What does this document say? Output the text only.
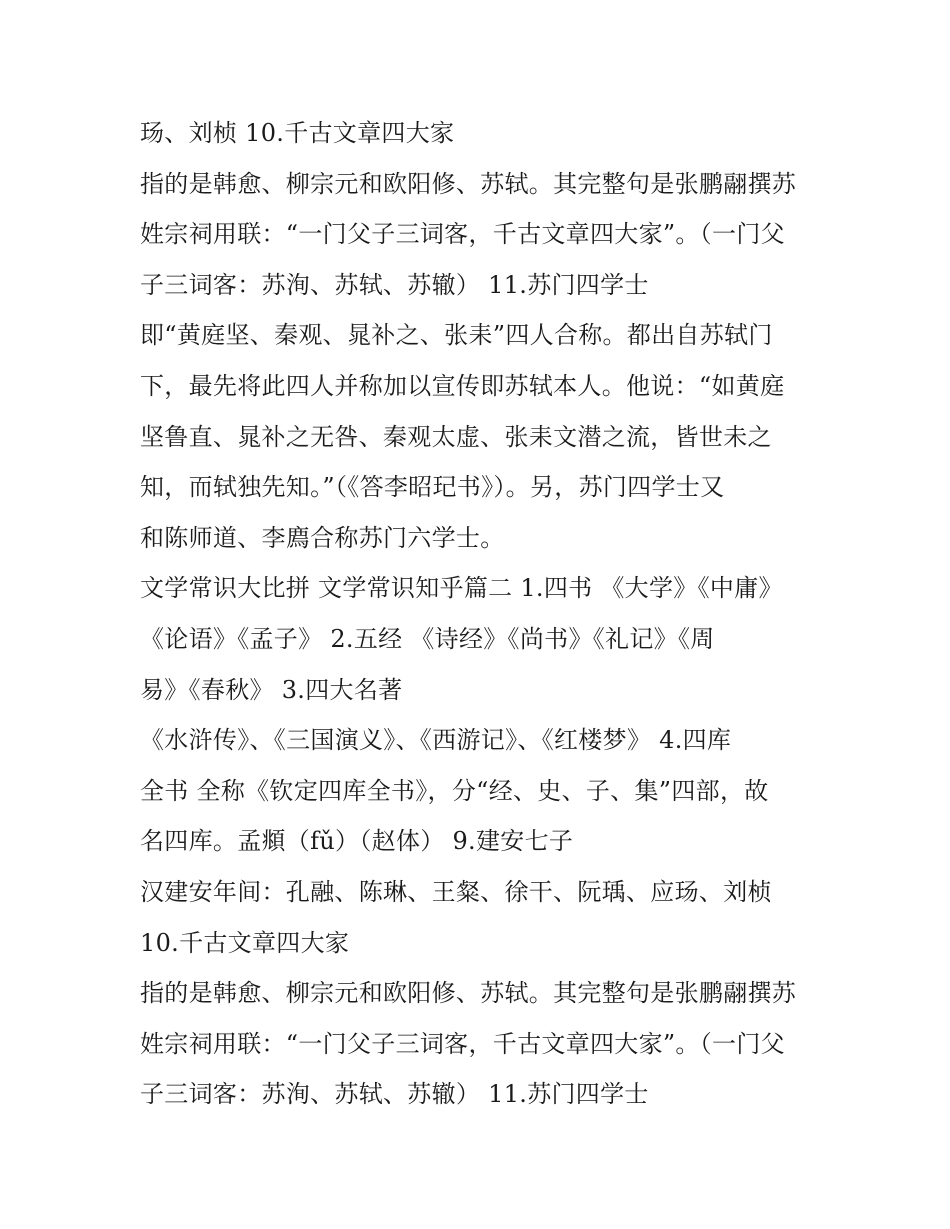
玚、刘桢 10.千古文章四大家
指的是韩愈、柳宗元和欧阳修、苏轼。其完整句是张鹏翮撰苏
姓宗祠用联：“一门父子三词客，千古文章四大家”。（一门父
子三词客：苏洵、苏轼、苏辙） 11.苏门四学士
即“黄庭坚、秦观、晁补之、张耒”四人合称。都出自苏轼门
下，最先将此四人并称加以宣传即苏轼本人。他说：“如黄庭
坚鲁直、晁补之无咎、秦观太虚、张耒文潜之流，皆世未之
知，而轼独先知。”（《答李昭玘书》）。另，苏门四学士又
和陈师道、李廌合称苏门六学士。
文学常识大比拼 文学常识知乎篇二 1.四书 《大学》《中庸》
《论语》《孟子》 2.五经 《诗经》《尚书》《礼记》《周
易》《春秋》 3.四大名著
《水浒传》、《三国演义》、《西游记》、《红楼梦》 4.四库
全书 全称《钦定四库全书》，分“经、史、子、集”四部，故
名四库。孟頫（fǔ）（赵体） 9.建安七子
汉建安年间：孔融、陈琳、王粲、徐干、阮瑀、应玚、刘桢
10.千古文章四大家
指的是韩愈、柳宗元和欧阳修、苏轼。其完整句是张鹏翮撰苏
姓宗祠用联：“一门父子三词客，千古文章四大家”。（一门父
子三词客：苏洵、苏轼、苏辙） 11.苏门四学士
